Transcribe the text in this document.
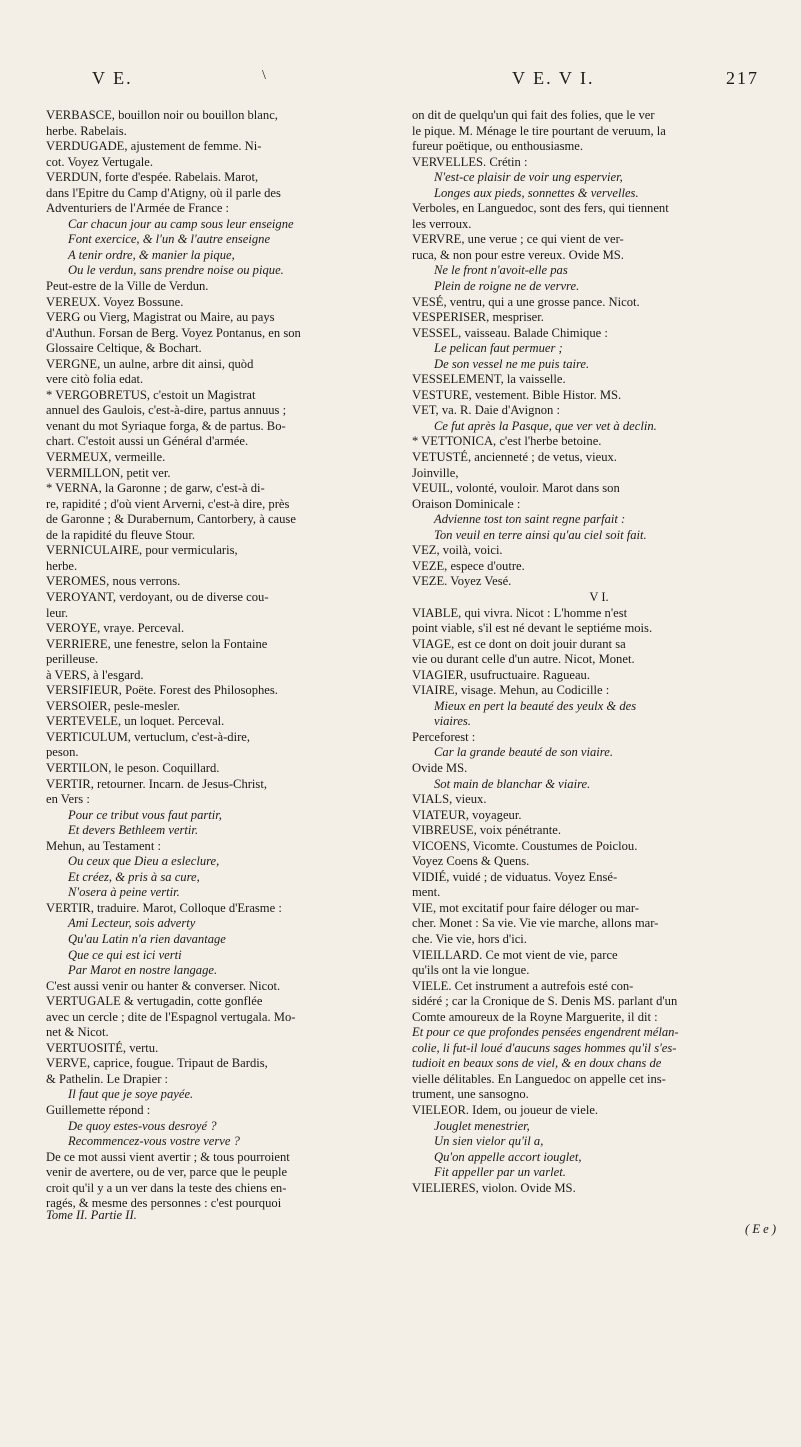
V E.	\	V E. V I.	217
VERBASCE, bouillon noir ou bouillon blanc,
herbe. Rabelais.
VERDUGADE, ajustement de femme. Ni-
cot. Voyez Vertugale.
VERDUN, forte d'espée. Rabelais. Marot,
dans l'Epitre du Camp d'Atigny, où il parle des
Adventuriers de l'Armée de France :
Car chacun jour au camp sous leur enseigne
Font exercice, & l'un & l'autre enseigne
A tenir ordre, & manier la pique,
Ou le verdun, sans prendre noise ou pique.
Peut-estre de la Ville de Verdun.
VEREUX. Voyez Bossune.
VERG ou Vierg, Magistrat ou Maire, au pays
d'Authun. Forsan de Berg. Voyez Pontanus, en son
Glossaire Celtique, & Bochart.
VERGNE, un aulne, arbre dit ainsi, quòd
vere citò folia edat.
* VERGOBRETUS, c'estoit un Magistrat
annuel des Gaulois, c'est-à-dire, partus annuus ;
venant du mot Syriaque forga, & de partus. Bo-
chart. C'estoit aussi un Général d'armée.
VERMEUX, vermeille.
VERMILLON, petit ver.
* VERNA, la Garonne ; de garw, c'est-à di-
re, rapidité ; d'où vient Arverni, c'est-à dire, près
de Garonne ; & Durabernum, Cantorbery, à cause
de la rapidité du fleuve Stour.
VERNICULAIRE, pour vermicularis,
herbe.
VEROMES, nous verrons.
VEROYANT, verdoyant, ou de diverse cou-
leur.
VEROYE, vraye. Perceval.
VERRIERE, une fenestre, selon la Fontaine
perilleuse.
à VERS, à l'esgard.
VERSIFIEUR, Poëte. Forest des Philosophes.
VERSOIER, pesle-mesler.
VERTEVELE, un loquet. Perceval.
VERTICULUM, vertuclum, c'est-à-dire,
peson.
VERTILON, le peson. Coquillard.
VERTIR, retourner. Incarn. de Jesus-Christ,
en Vers :
Pour ce tribut vous faut partir,
Et devers Bethleem vertir.
Mehun, au Testament :
Ou ceux que Dieu a esleclure,
Et créez, & pris à sa cure,
N'osera à peine vertir.
VERTIR, traduire. Marot, Colloque d'Erasme :
Ami Lecteur, sois adverty
Qu'au Latin n'a rien davantage
Que ce qui est ici verti
Par Marot en nostre langage.
C'est aussi venir ou hanter & converser. Nicot.
VERTUGALE & vertugadin, cotte gonflée
avec un cercle ; dite de l'Espagnol vertugala. Mo-
net & Nicot.
VERTUOSITÉ, vertu.
VERVE, caprice, fougue. Tripaut de Bardis,
& Pathelin. Le Drapier :
Il faut que je soye payée.
Guillemette répond :
De quoy estes-vous desroyé ?
Recommencez-vous vostre verve ?
De ce mot aussi vient avertir ; & tous pourroient
venir de avertere, ou de ver, parce que le peuple
croit qu'il y a un ver dans la teste des chiens en-
ragés, & mesme des personnes : c'est pourquoi
on dit de quelqu'un qui fait des folies, que le ver
le pique. M. Ménage le tire pourtant de veruum, la
fureur poëtique, ou enthousiasme.
VERVELLES. Crétin :
N'est-ce plaisir de voir ung espervier,
Longes aux pieds, sonnettes & vervelles.
Verboles, en Languedoc, sont des fers, qui tiennent
les verroux.
VERVRE, une verue ; ce qui vient de ver-
ruca, & non pour estre vereux. Ovide MS.
Ne le front n'avoit-elle pas
Plein de roigne ne de vervre.
VESÉ, ventru, qui a une grosse pance. Nicot.
VESPERISER, mespriser.
VESSEL, vaisseau. Balade Chimique :
Le pelican faut permuer ;
De son vessel ne me puis taire.
VESSELEMENT, la vaisselle.
VESTURE, vestement. Bible Histor. MS.
VET, va. R. Daie d'Avignon :
Ce fut après la Pasque, que ver vet à declin.
* VETTONICA, c'est l'herbe betoine.
VETUSTÉ, ancienneté ; de vetus, vieux.
Joinville,
VEUIL, volonté, vouloir. Marot dans son
Oraison Dominicale :
Advienne tost ton saint regne parfait :
Ton veuil en terre ainsi qu'au ciel soit fait.
VEZ, voilà, voici.
VEZE, espece d'outre.
VEZE. Voyez Vesé.
V I.
VIABLE, qui vivra. Nicot : L'homme n'est
point viable, s'il est né devant le septiéme mois.
VIAGE, est ce dont on doit jouir durant sa
vie ou durant celle d'un autre. Nicot, Monet.
VIAGIER, usufructuaire. Ragueau.
VIAIRE, visage. Mehun, au Codicille :
Mieux en pert la beauté des yeulx & des
viaires.
Perceforest :
Car la grande beauté de son viaire.
Ovide MS.
Sot main de blanchar & viaire.
VIALS, vieux.
VIATEUR, voyageur.
VIBREUSE, voix pénétrante.
VICOENS, Vicomte. Coustumes de Poiclou.
Voyez Coens & Quens.
VIDIÉ, vuidé ; de viduatus. Voyez Ensé-
ment.
VIE, mot excitatif pour faire déloger ou mar-
cher. Monet : Sa vie. Vie vie marche, allons mar-
che. Vie vie, hors d'ici.
VIEILLARD. Ce mot vient de vie, parce
qu'ils ont la vie longue.
VIELE. Cet instrument a autrefois esté con-
sidéré ; car la Cronique de S. Denis MS. parlant d'un
Comte amoureux de la Royne Marguerite, il dit :
Et pour ce que profondes pensées engendrent mélan-
colie, li fut-il loué d'aucuns sages hommes qu'il s'es-
tudioit en beaux sons de viel, & en doux chans de
vielle délitables. En Languedoc on appelle cet ins-
trument, une sansogno.
VIELEOR. Idem, ou joueur de viele.
Jouglet menestrier,
Un sien vielor qu'il a,
Qu'on appelle accort iouglet,
Fit appeller par un varlet.
VIELIERES, violon. Ovide MS.
Tome II. Partie II.
( E e )
